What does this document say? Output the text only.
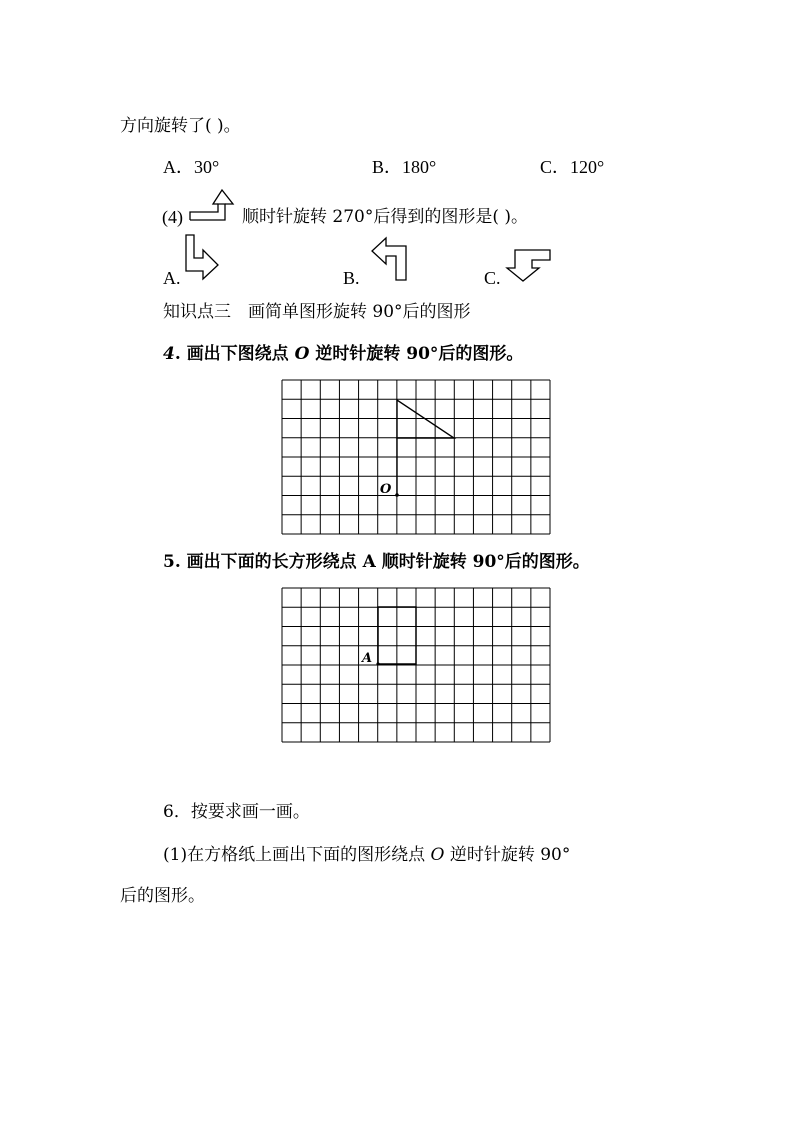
方向旋转了( )。
A．30°	B．180°	C．120°
(4)	顺时针旋转 270°后得到的图形是( )。
A.	B.	C.
知识点三　画简单图形旋转 90°后的图形
4. 画出下图绕点 O 逆时针旋转 90°后的图形。
O
5. 画出下面的长方形绕点 A 顺时针旋转 90°后的图形。
A
6．按要求画一画。
(1)在方格纸上画出下面的图形绕点 O 逆时针旋转 90°
后的图形。
